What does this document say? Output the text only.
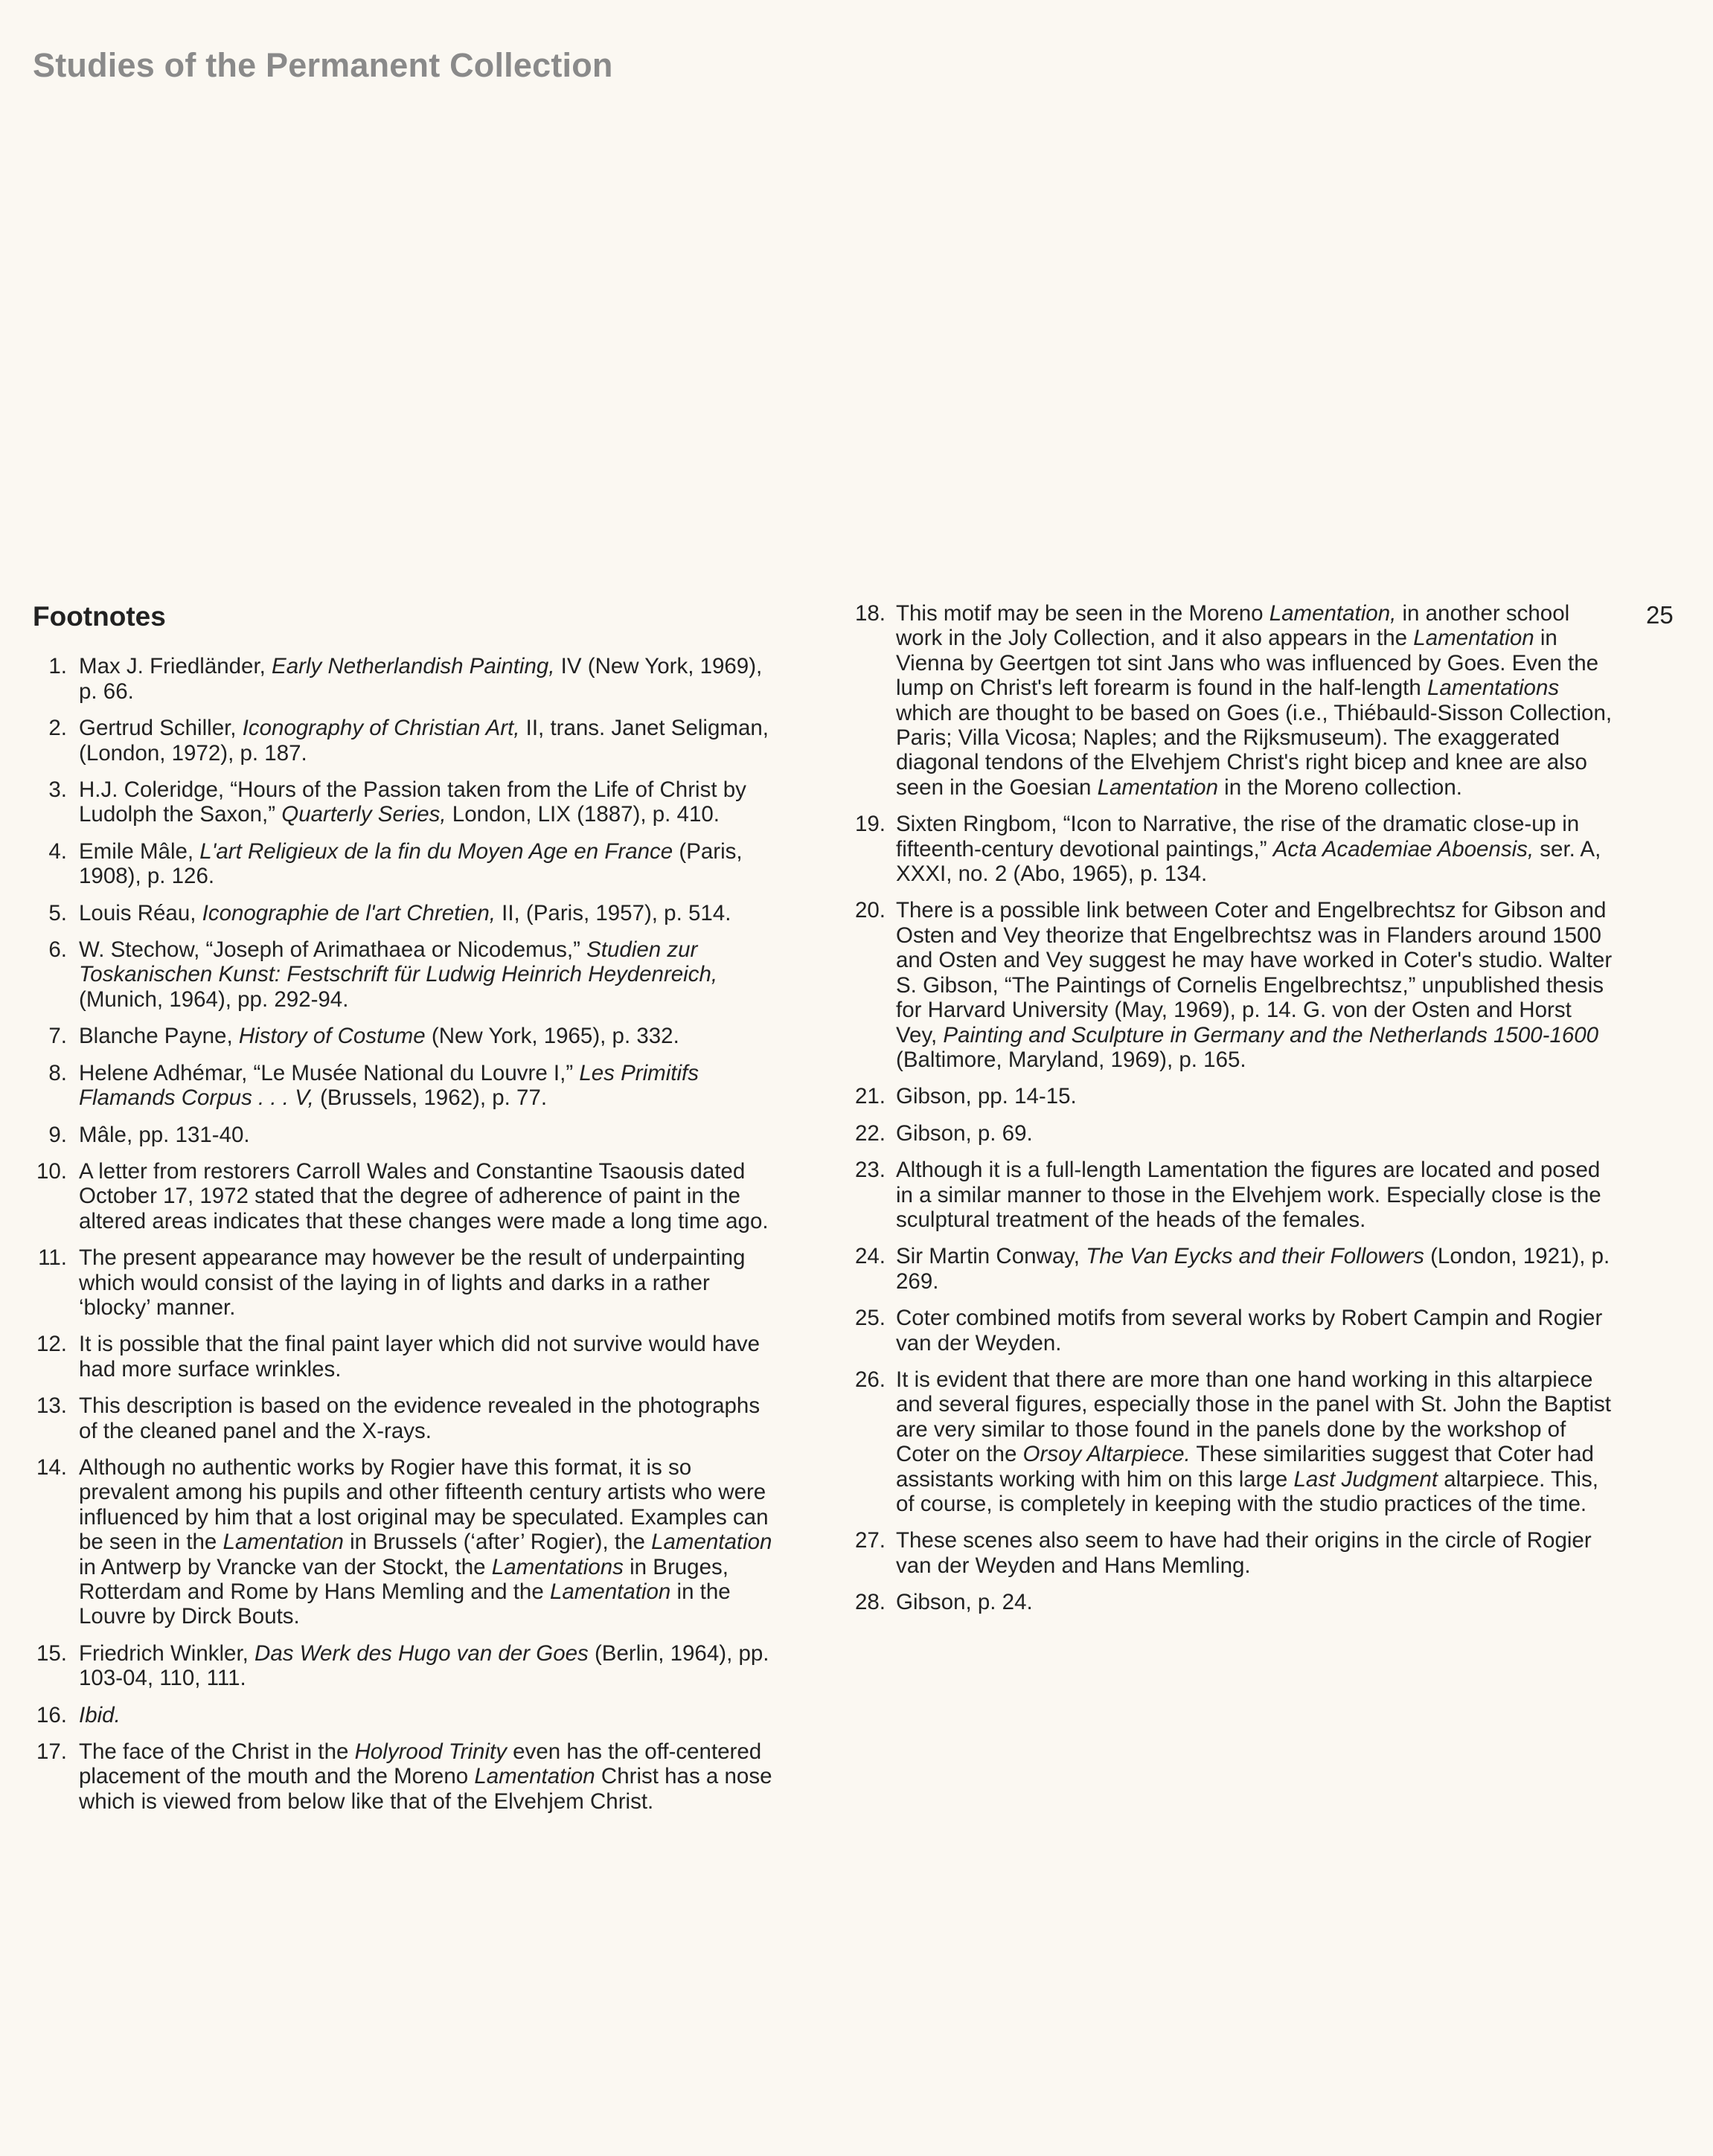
Studies of the Permanent Collection
25
Footnotes
1. Max J. Friedländer, Early Netherlandish Painting, IV (New York, 1969), p. 66.
2. Gertrud Schiller, Iconography of Christian Art, II, trans. Janet Seligman, (London, 1972), p. 187.
3. H.J. Coleridge, “Hours of the Passion taken from the Life of Christ by Ludolph the Saxon,” Quarterly Series, London, LIX (1887), p. 410.
4. Emile Mâle, L'art Religieux de la fin du Moyen Age en France (Paris, 1908), p. 126.
5. Louis Réau, Iconographie de l'art Chretien, II, (Paris, 1957), p. 514.
6. W. Stechow, “Joseph of Arimathaea or Nicodemus,” Studien zur Toskanischen Kunst: Festschrift für Ludwig Heinrich Heydenreich, (Munich, 1964), pp. 292-94.
7. Blanche Payne, History of Costume (New York, 1965), p. 332.
8. Helene Adhémar, “Le Musée National du Louvre I,” Les Primitifs Flamands Corpus . . . V, (Brussels, 1962), p. 77.
9. Mâle, pp. 131-40.
10. A letter from restorers Carroll Wales and Constantine Tsaousis dated October 17, 1972 stated that the degree of adherence of paint in the altered areas indicates that these changes were made a long time ago.
11. The present appearance may however be the result of underpainting which would consist of the laying in of lights and darks in a rather ‘blocky’ manner.
12. It is possible that the final paint layer which did not survive would have had more surface wrinkles.
13. This description is based on the evidence revealed in the photographs of the cleaned panel and the X-rays.
14. Although no authentic works by Rogier have this format, it is so prevalent among his pupils and other fifteenth century artists who were influenced by him that a lost original may be speculated. Examples can be seen in the Lamentation in Brussels (‘after’ Rogier), the Lamentation in Antwerp by Vrancke van der Stockt, the Lamentations in Bruges, Rotterdam and Rome by Hans Memling and the Lamentation in the Louvre by Dirck Bouts.
15. Friedrich Winkler, Das Werk des Hugo van der Goes (Berlin, 1964), pp. 103-04, 110, 111.
16. Ibid.
17. The face of the Christ in the Holyrood Trinity even has the off-centered placement of the mouth and the Moreno Lamentation Christ has a nose which is viewed from below like that of the Elvehjem Christ.
18. This motif may be seen in the Moreno Lamentation, in another school work in the Joly Collection, and it also appears in the Lamentation in Vienna by Geertgen tot sint Jans who was influenced by Goes. Even the lump on Christ's left forearm is found in the half-length Lamentations which are thought to be based on Goes (i.e., Thiébauld-Sisson Collection, Paris; Villa Vicosa; Naples; and the Rijksmuseum). The exaggerated diagonal tendons of the Elvehjem Christ's right bicep and knee are also seen in the Goesian Lamentation in the Moreno collection.
19. Sixten Ringbom, “Icon to Narrative, the rise of the dramatic close-up in fifteenth-century devotional paintings,” Acta Academiae Aboensis, ser. A, XXXI, no. 2 (Abo, 1965), p. 134.
20. There is a possible link between Coter and Engelbrechtsz for Gibson and Osten and Vey theorize that Engelbrechtsz was in Flanders around 1500 and Osten and Vey suggest he may have worked in Coter's studio. Walter S. Gibson, “The Paintings of Cornelis Engelbrechtsz,” unpublished thesis for Harvard University (May, 1969), p. 14. G. von der Osten and Horst Vey, Painting and Sculpture in Germany and the Netherlands 1500-1600 (Baltimore, Maryland, 1969), p. 165.
21. Gibson, pp. 14-15.
22. Gibson, p. 69.
23. Although it is a full-length Lamentation the figures are located and posed in a similar manner to those in the Elvehjem work. Especially close is the sculptural treatment of the heads of the females.
24. Sir Martin Conway, The Van Eycks and their Followers (London, 1921), p. 269.
25. Coter combined motifs from several works by Robert Campin and Rogier van der Weyden.
26. It is evident that there are more than one hand working in this altarpiece and several figures, especially those in the panel with St. John the Baptist are very similar to those found in the panels done by the workshop of Coter on the Orsoy Altarpiece. These similarities suggest that Coter had assistants working with him on this large Last Judgment altarpiece. This, of course, is completely in keeping with the studio practices of the time.
27. These scenes also seem to have had their origins in the circle of Rogier van der Weyden and Hans Memling.
28. Gibson, p. 24.
